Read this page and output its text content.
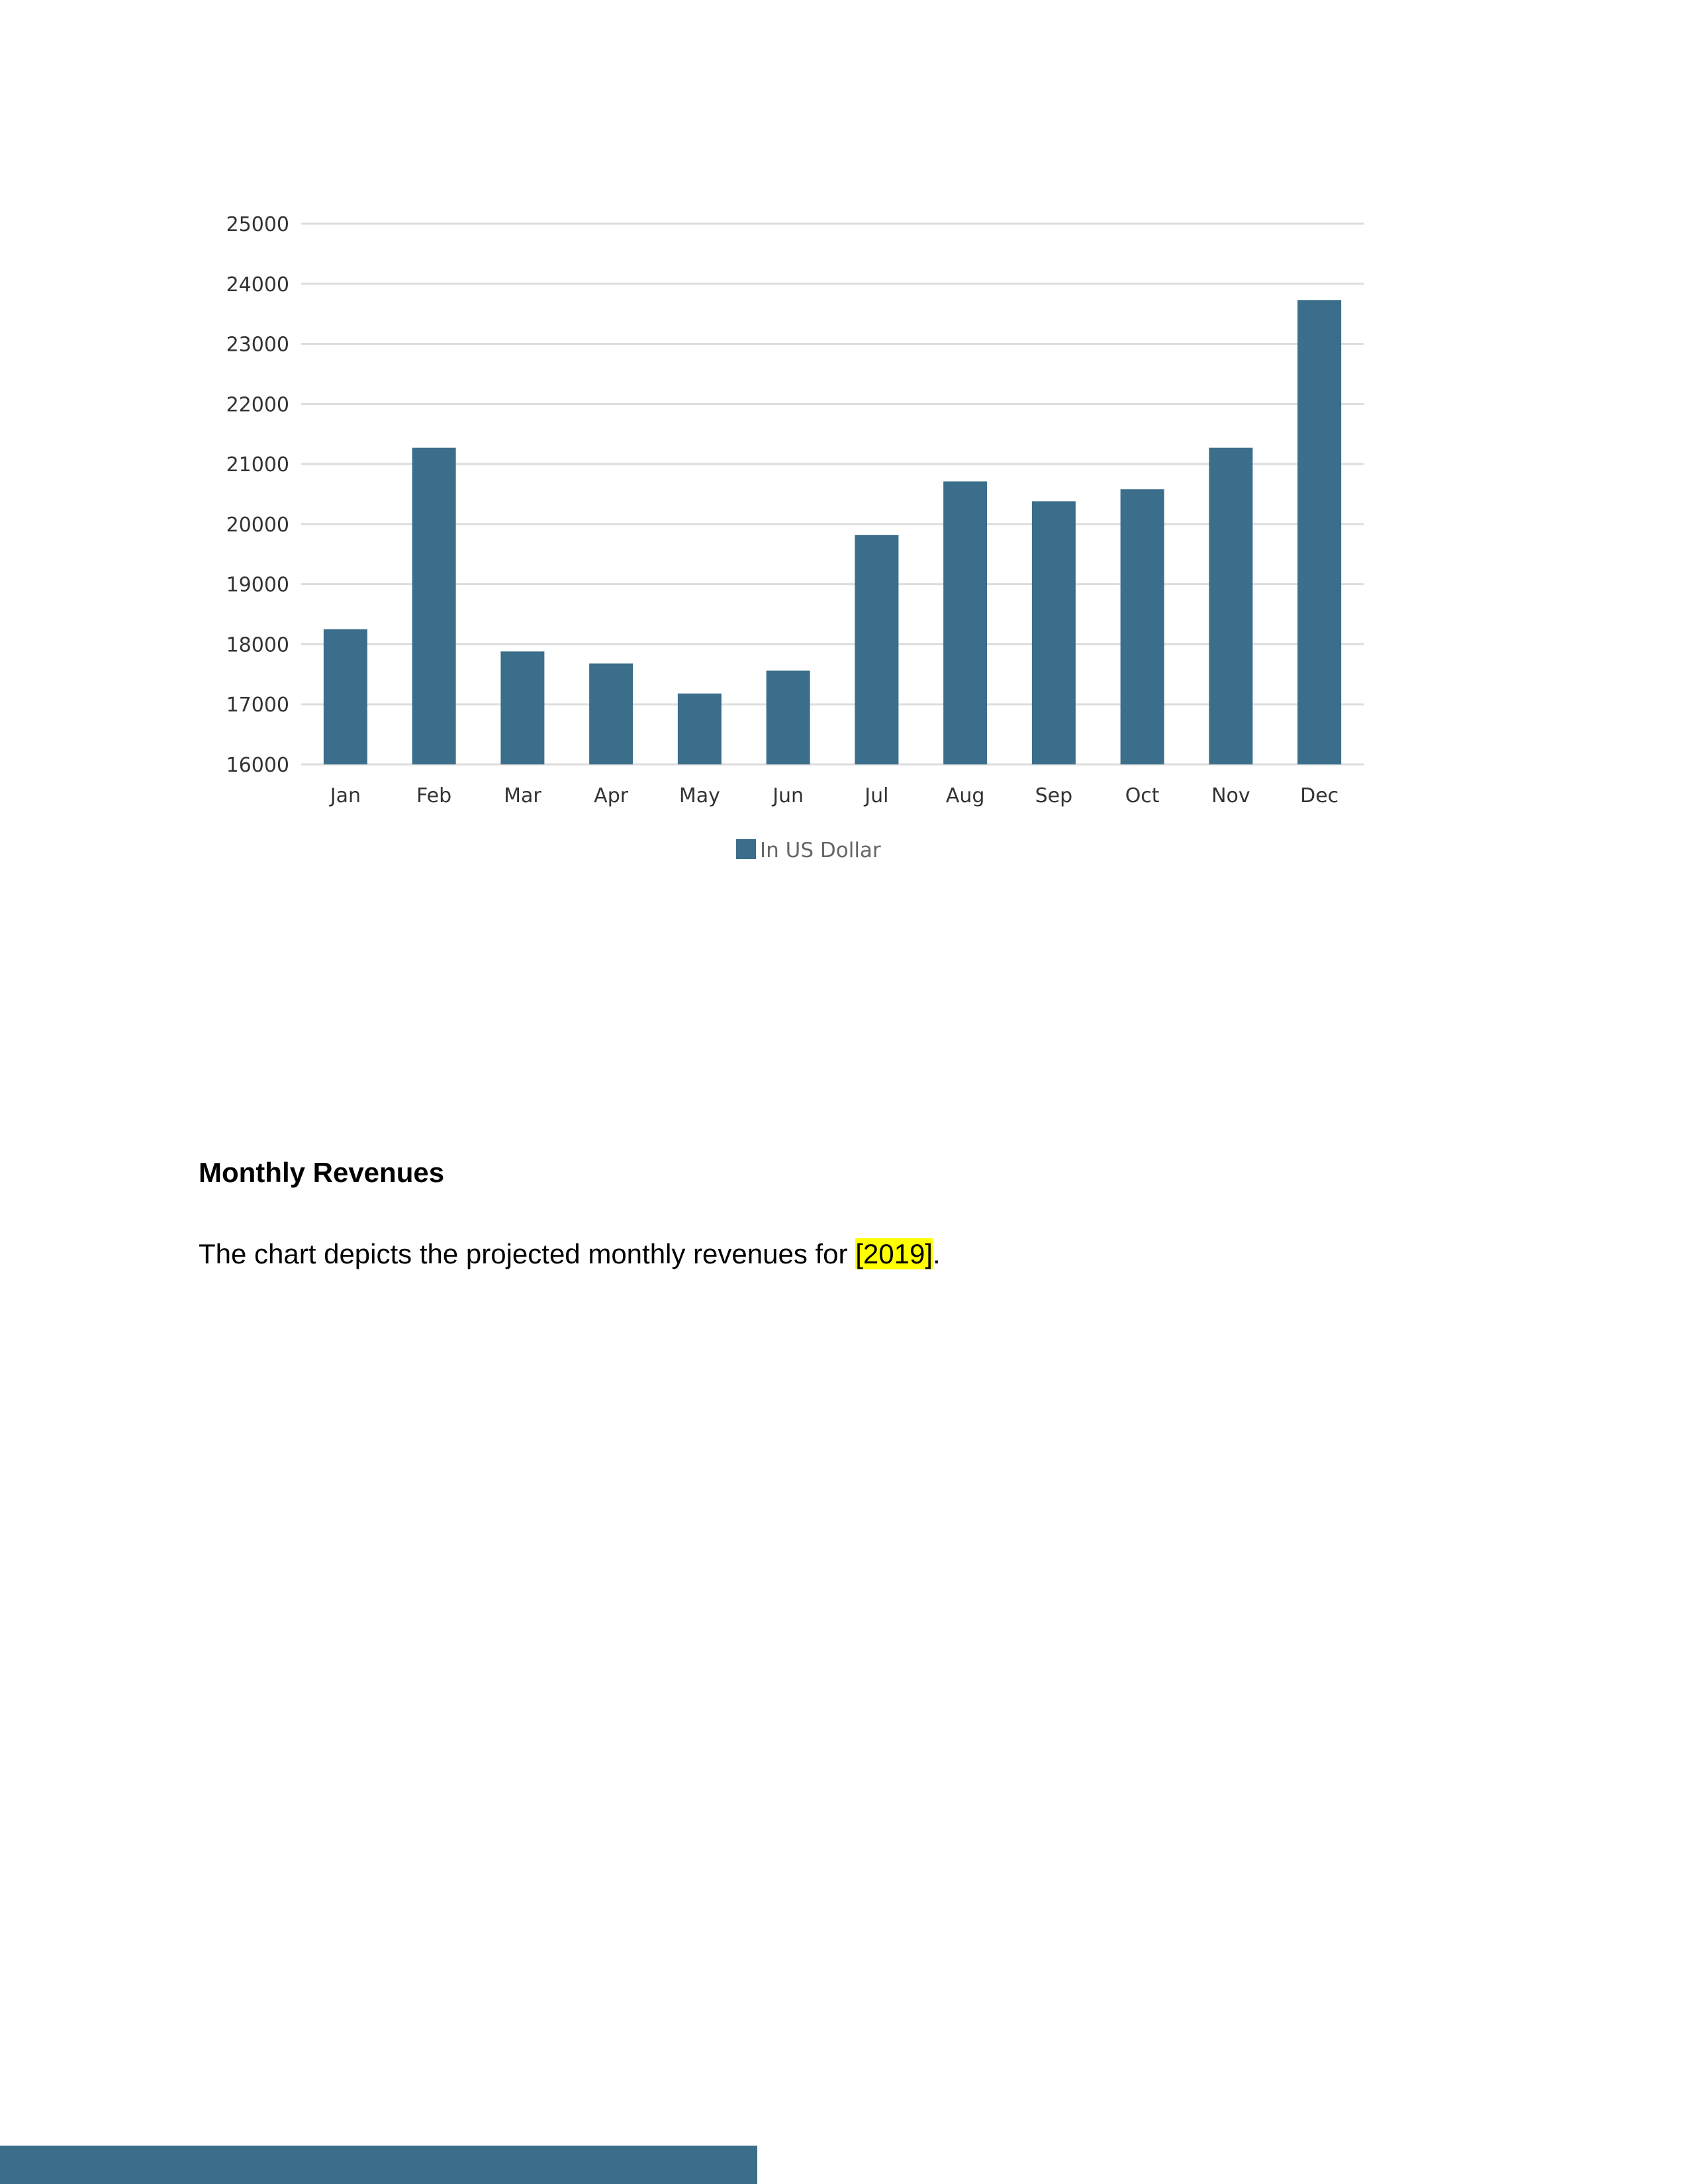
25000
24000
23000
22000
21000
20000
19000
18000
17000
16000
Jan	Feb	Mar	Apr	May	Jun	Jul	Aug	Sep	Oct	Nov	Dec
In US Dollar
Monthly Revenues

The chart depicts the projected monthly revenues for [2019].
